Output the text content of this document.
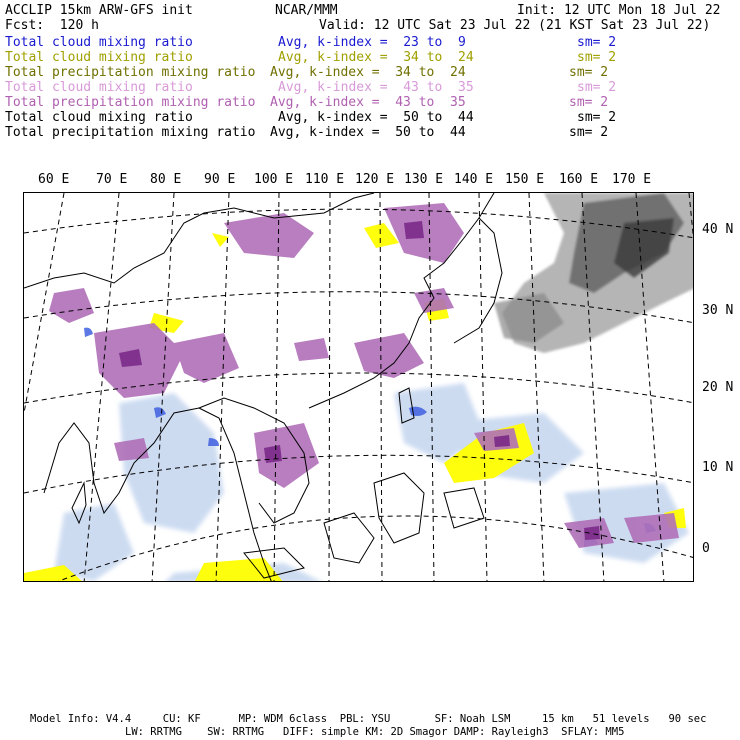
ACCLIP 15km ARW-GFS init	NCAR/MMM	Init: 12 UTC Mon 18 Jul 22
Fcst:  120 h	Valid: 12 UTC Sat 23 Jul 22 (21 KST Sat 23 Jul 22)
Total cloud mixing ratio	Avg, k-index =  23 to  9	sm= 2
Total cloud mixing ratio	Avg, k-index =  34 to  24	sm= 2
Total precipitation mixing ratio Avg, k-index =  34 to  24	sm= 2
Total cloud mixing ratio	Avg, k-index =  43 to  35	sm= 2
Total precipitation mixing ratio Avg, k-index =  43 to  35	sm= 2
Total cloud mixing ratio	Avg, k-index =  50 to  44	sm= 2
Total precipitation mixing ratio Avg, k-index =  50 to  44	sm= 2
60 E 70 E 80 E 90 E 100 E 110 E 120 E 130 E 140 E 150 E 160 E 170 E
40 N
30 N
20 N
10 N
0
Model Info: V4.4     CU: KF      MP: WDM 6class  PBL: YSU       SF: Noah LSM     15 km   51 levels   90 sec
LW: RRTMG    SW: RRTMG   DIFF: simple KM: 2D Smagor DAMP: Rayleigh3  SFLAY: MM5
